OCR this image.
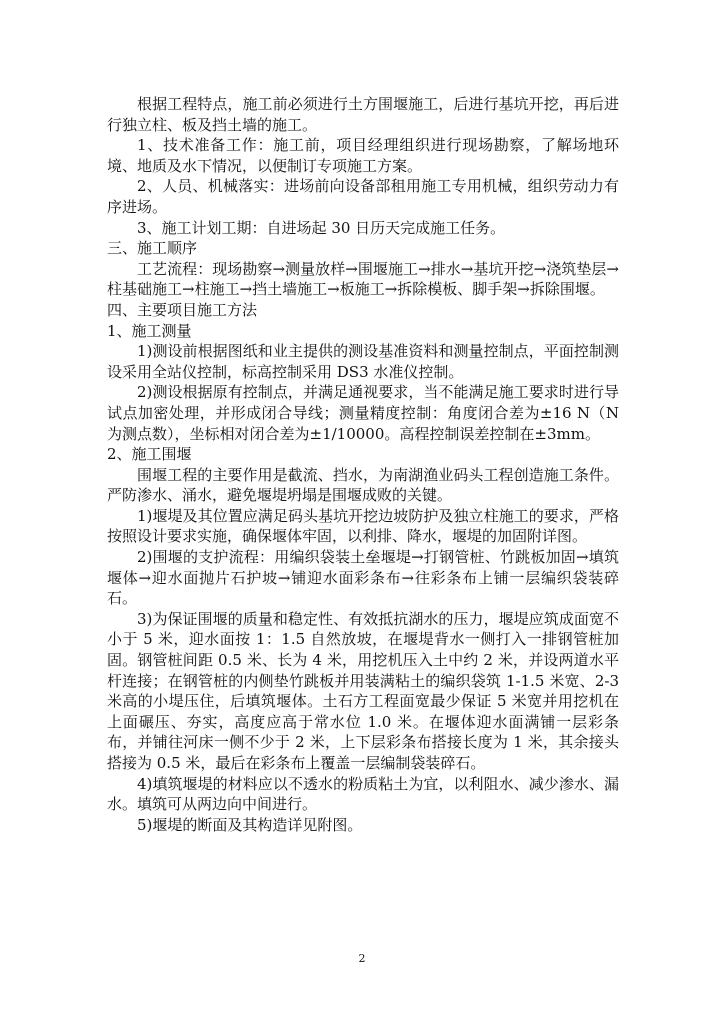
根据工程特点，施工前必须进行土方围堰施工，后进行基坑开挖，再后进行独立柱、板及挡土墙的施工。

1、技术准备工作：施工前，项目经理组织进行现场勘察，了解场地环境、地质及水下情况，以便制订专项施工方案。

2、人员、机械落实：进场前向设备部租用施工专用机械，组织劳动力有序进场。

3、施工计划工期：自进场起 30 日历天完成施工任务。

三、施工顺序

工艺流程：现场勘察→测量放样→围堰施工→排水→基坑开挖→浇筑垫层→柱基础施工→柱施工→挡土墙施工→板施工→拆除模板、脚手架→拆除围堰。

四、主要项目施工方法

1、施工测量

1)测设前根据图纸和业主提供的测设基准资料和测量控制点，平面控制测设采用全站仪控制，标高控制采用 DS3 水准仪控制。

2)测设根据原有控制点，并满足通视要求，当不能满足施工要求时进行导试点加密处理，并形成闭合导线；测量精度控制：角度闭合差为±16 N（N 为测点数），坐标相对闭合差为±1/10000。高程控制误差控制在±3mm。

2、施工围堰

围堰工程的主要作用是截流、挡水，为南湖渔业码头工程创造施工条件。严防渗水、涌水，避免堰堤坍塌是围堰成败的关键。

1)堰堤及其位置应满足码头基坑开挖边坡防护及独立柱施工的要求，严格按照设计要求实施，确保堰体牢固，以利排、降水，堰堤的加固附详图。

2)围堰的支护流程：用编织袋装土垒堰堤→打钢管桩、竹跳板加固→填筑堰体→迎水面抛片石护坡→铺迎水面彩条布→往彩条布上铺一层编织袋装碎石。

3)为保证围堰的质量和稳定性、有效抵抗湖水的压力，堰堤应筑成面宽不小于 5 米，迎水面按 1：1.5 自然放坡，在堰堤背水一侧打入一排钢管桩加固。钢管桩间距 0.5 米、长为 4 米，用挖机压入土中约 2 米，并设两道水平杆连接；在钢管桩的内侧垫竹跳板并用装满粘土的编织袋筑 1-1.5 米宽、2-3 米高的小堤压住，后填筑堰体。土石方工程面宽最少保证 5 米宽并用挖机在上面碾压、夯实，高度应高于常水位 1.0 米。在堰体迎水面满铺一层彩条布，并铺往河床一侧不少于 2 米，上下层彩条布搭接长度为 1 米，其余接头搭接为 0.5 米，最后在彩条布上覆盖一层编制袋装碎石。

4)填筑堰堤的材料应以不透水的粉质粘土为宜，以利阻水、减少渗水、漏水。填筑可从两边向中间进行。

5)堰堤的断面及其构造详见附图。

2
